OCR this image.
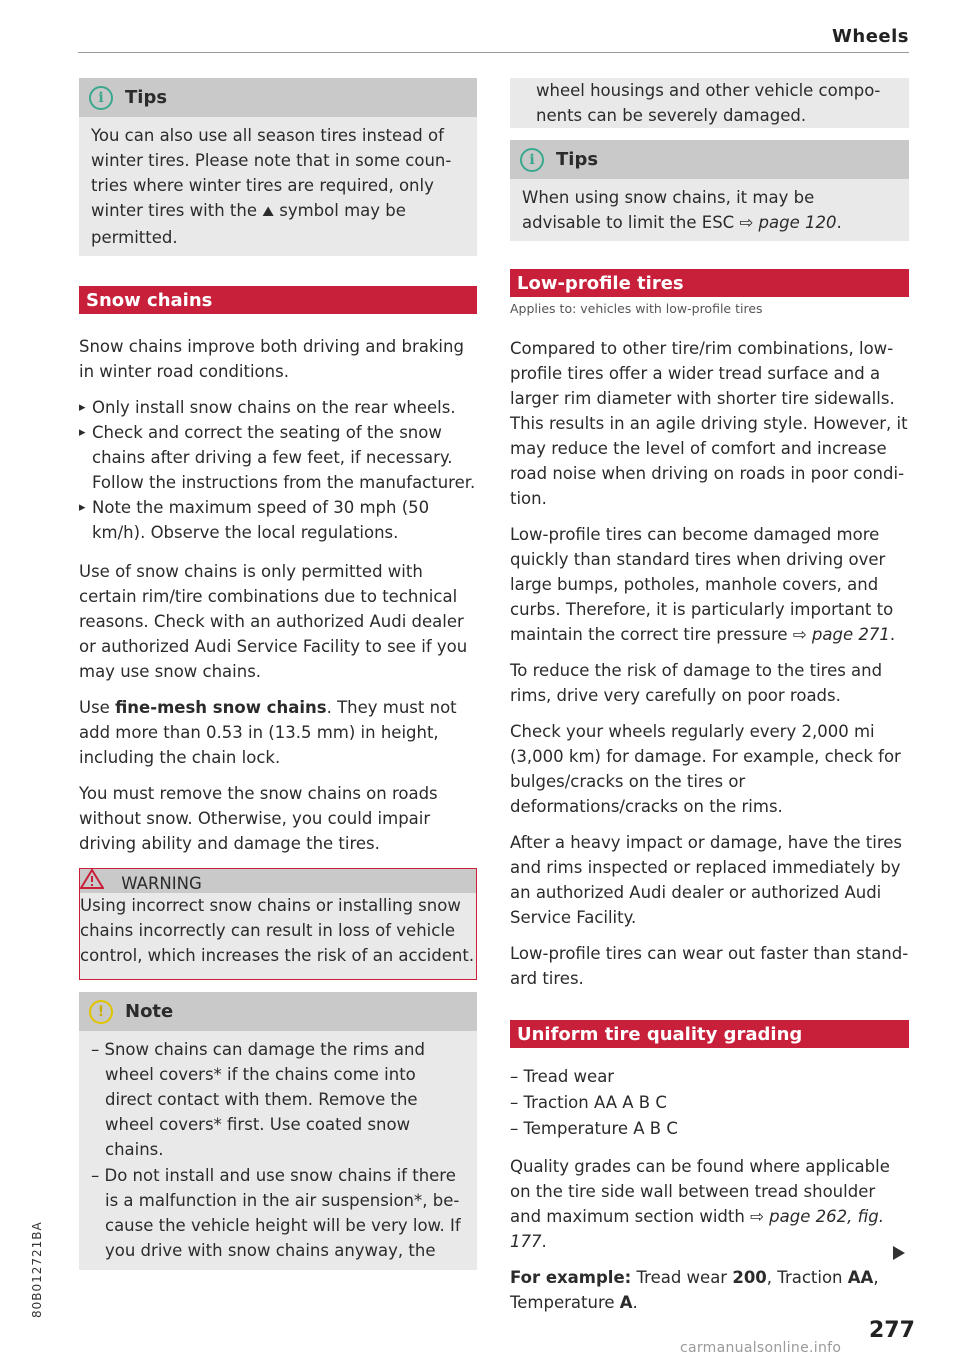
Wheels
i	Tips

You can also use all season tires instead of winter tires. Please note that in some countries where winter tires are required, only winter tires with the ⛰ symbol may be permitted.

Snow chains

Snow chains improve both driving and braking in winter road conditions.

▸ Only install snow chains on the rear wheels.
▸ Check and correct the seating of the snow chains after driving a few feet, if necessary. Follow the instructions from the manufacturer.
▸ Note the maximum speed of 30 mph (50 km/h). Observe the local regulations.

Use of snow chains is only permitted with certain rim/tire combinations due to technical reasons. Check with an authorized Audi dealer or authorized Audi Service Facility to see if you may use snow chains.

Use fine-mesh snow chains. They must not add more than 0.53 in (13.5 mm) in height, including the chain lock.

You must remove the snow chains on roads without snow. Otherwise, you could impair driving ability and damage the tires.

WARNING

Using incorrect snow chains or installing snow chains incorrectly can result in loss of vehicle control, which increases the risk of an accident.

!	Note
– Snow chains can damage the rims and wheel covers* if the chains come into direct contact with them. Remove the wheel covers* first. Use coated snow chains.
– Do not install and use snow chains if there is a malfunction in the air suspension*, because the vehicle height will be very low. If you drive with snow chains anyway, the

wheel housings and other vehicle components can be severely damaged.

i	Tips

When using snow chains, it may be advisable to limit the ESC ⇨ page 120.

Low-profile tires
Applies to: vehicles with low-profile tires

Compared to other tire/rim combinations, lowprofile tires offer a wider tread surface and a larger rim diameter with shorter tire sidewalls. This results in an agile driving style. However, it may reduce the level of comfort and increase road noise when driving on roads in poor condition.

Low-profile tires can become damaged more quickly than standard tires when driving over large bumps, potholes, manhole covers, and curbs. Therefore, it is particularly important to maintain the correct tire pressure ⇨ page 271.

To reduce the risk of damage to the tires and rims, drive very carefully on poor roads.

Check your wheels regularly every 2,000 mi (3,000 km) for damage. For example, check for bulges/cracks on the tires or deformations/cracks on the rims.

After a heavy impact or damage, have the tires and rims inspected or replaced immediately by an authorized Audi dealer or authorized Audi Service Facility.

Low-profile tires can wear out faster than standard tires.

Uniform tire quality grading
– Tread wear
– Traction AA A B C
– Temperature A B C

Quality grades can be found where applicable on the tire side wall between tread shoulder and maximum section width ⇨ page 262, fig. 177.

For example: Tread wear 200, Traction AA, Temperature A.

80B012721BA
277
carmanualsonline.info
